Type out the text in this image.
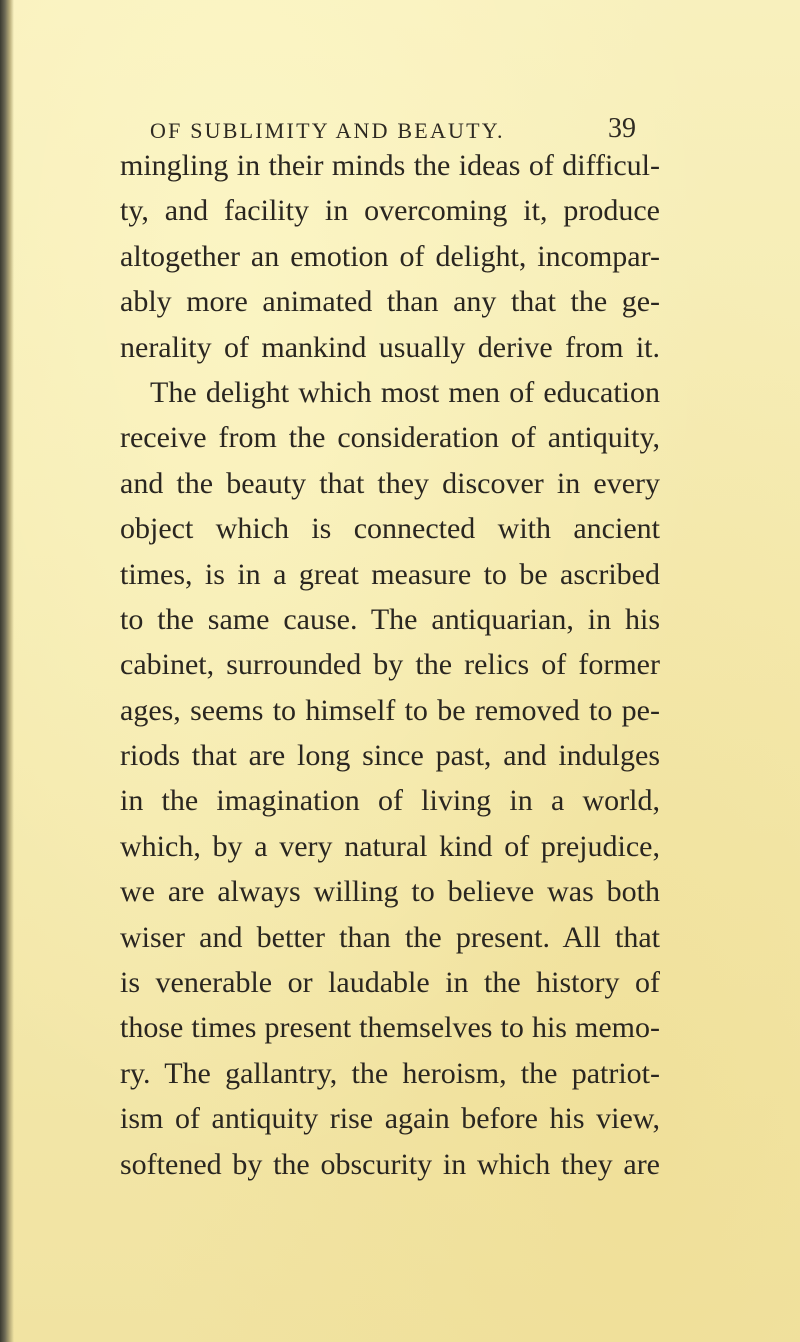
OF SUBLIMITY AND BEAUTY.	39
mingling in their minds the ideas of difficul-
ty, and facility in overcoming it, produce
altogether an emotion of delight, incompar-
ably more animated than any that the ge-
nerality of mankind usually derive from it.
The delight which most men of education
receive from the consideration of antiquity,
and the beauty that they discover in every
object which is connected with ancient
times, is in a great measure to be ascribed
to the same cause. The antiquarian, in his
cabinet, surrounded by the relics of former
ages, seems to himself to be removed to pe-
riods that are long since past, and indulges
in the imagination of living in a world,
which, by a very natural kind of prejudice,
we are always willing to believe was both
wiser and better than the present. All that
is venerable or laudable in the history of
those times present themselves to his memo-
ry. The gallantry, the heroism, the patriot-
ism of antiquity rise again before his view,
softened by the obscurity in which they are
